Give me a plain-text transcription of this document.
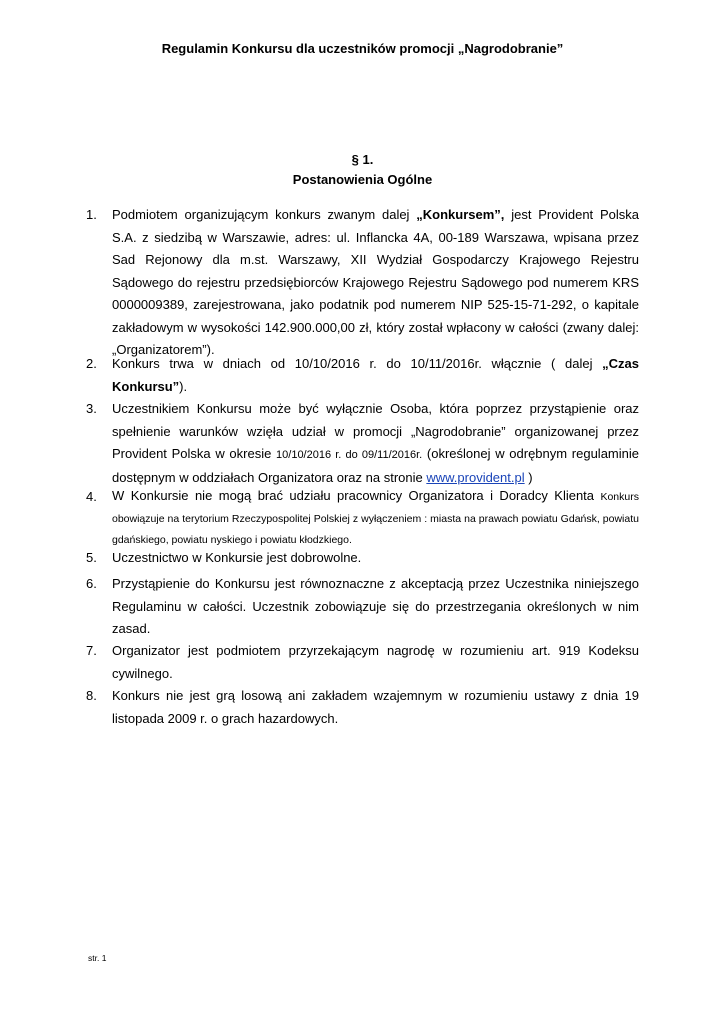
Regulamin Konkursu dla uczestników promocji „Nagrodobranie”
§ 1.
Postanowienia Ogólne
1. Podmiotem organizującym konkurs zwanym dalej „Konkursem”, jest Provident Polska S.A. z siedzibą w Warszawie, adres: ul. Inflancka 4A, 00-189 Warszawa, wpisana przez Sad Rejonowy dla m.st. Warszawy, XII Wydział Gospodarczy Krajowego Rejestru Sądowego do rejestru przedsiębiorców Krajowego Rejestru Sądowego pod numerem KRS 0000009389, zarejestrowana, jako podatnik pod numerem NIP 525-15-71-292, o kapitale zakładowym w wysokości 142.900.000,00 zł, który został wpłacony w całości (zwany dalej: „Organizatorem”).
2. Konkurs trwa w dniach od 10/10/2016 r. do 10/11/2016r. włącznie ( dalej „Czas Konkursu”).
3. Uczestnikiem Konkursu może być wyłącznie Osoba, która poprzez przystąpienie oraz spełnienie warunków wzięła udział w promocji „Nagrodobranie” organizowanej przez Provident Polska w okresie 10/10/2016 r. do 09/11/2016r. (określonej w odrębnym regulaminie dostępnym w oddziałach Organizatora oraz na stronie www.provident.pl )
4. W Konkursie nie mogą brać udziału pracownicy Organizatora i Doradcy Klienta Konkurs obowiązuje na terytorium Rzeczypospolitej Polskiej z wyłączeniem : miasta na prawach powiatu Gdańsk, powiatu gdańskiego, powiatu nyskiego i powiatu kłodzkiego.
5. Uczestnictwo w Konkursie jest dobrowolne.
6. Przystąpienie do Konkursu jest równoznaczne z akceptacją przez Uczestnika niniejszego Regulaminu w całości. Uczestnik zobowiązuje się do przestrzegania określonych w nim zasad.
7. Organizator jest podmiotem przyrzekającym nagrodę w rozumieniu art. 919 Kodeksu cywilnego.
8. Konkurs nie jest grą losową ani zakładem wzajemnym w rozumieniu ustawy z dnia 19 listopada 2009 r. o grach hazardowych.
str. 1
